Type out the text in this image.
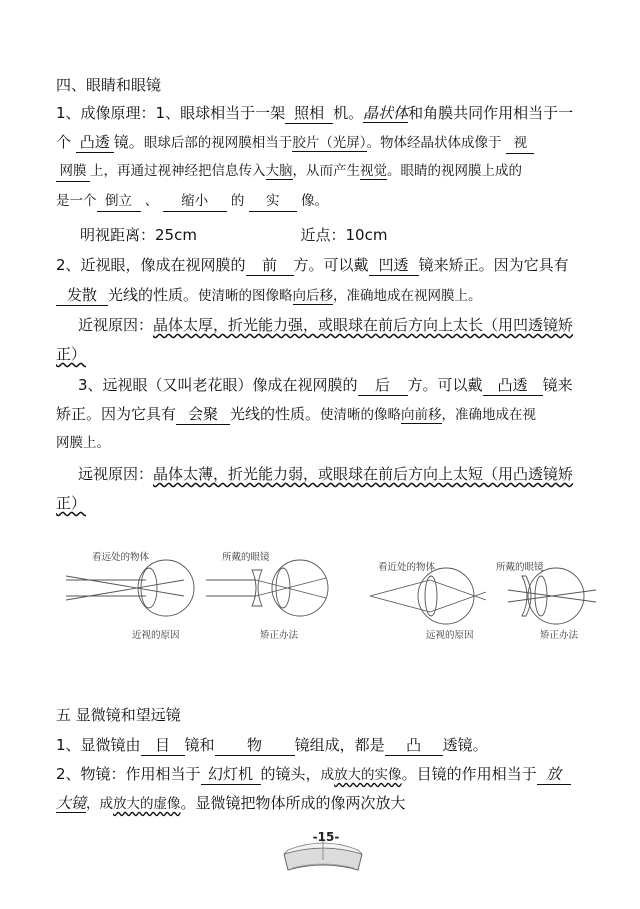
四、眼睛和眼镜
1、成像原理：1、眼球相当于一架 照相 机。晶状体和角膜共同作用相当于一
个 凸透 镜。眼球后部的视网膜相当于胶片（光屏）。物体经晶状体成像于 视
网膜 上，再通过视神经把信息传入大脑，从而产生视觉。眼睛的视网膜上成的
是一个 倒立 、 缩小 的 实 像。
明视距离：25cm	近点：10cm
2、近视眼，像成在视网膜的 前 方。可以戴 凹透 镜来矫正。因为它具有
发散 光线的性质。使清晰的图像略向后移，准确地成在视网膜上。
近视原因：晶体太厚，折光能力强，或眼球在前后方向上太长（用凹透镜矫
正）
3、远视眼（又叫老花眼）像成在视网膜的 后 方。可以戴 凸透 镜来
矫正。因为它具有 会聚 光线的性质。使清晰的像略向前移，准确地成在视
网膜上。
远视原因：晶体太薄，折光能力弱，或眼球在前后方向上太短（用凸透镜矫
正）
看远处的物体	所戴的眼镜
看近处的物体	所戴的眼镜
近视的原因	矫正办法	远视的原因	矫正办法
五 显微镜和望远镜
1、显微镜由 目 镜和 物 镜组成，都是 凸 透镜。
2、物镜：作用相当于 幻灯机 的镜头，成放大的实像。目镜的作用相当于 放
大镜，成放大的虚像。显微镜把物体所成的像两次放大
-15-
